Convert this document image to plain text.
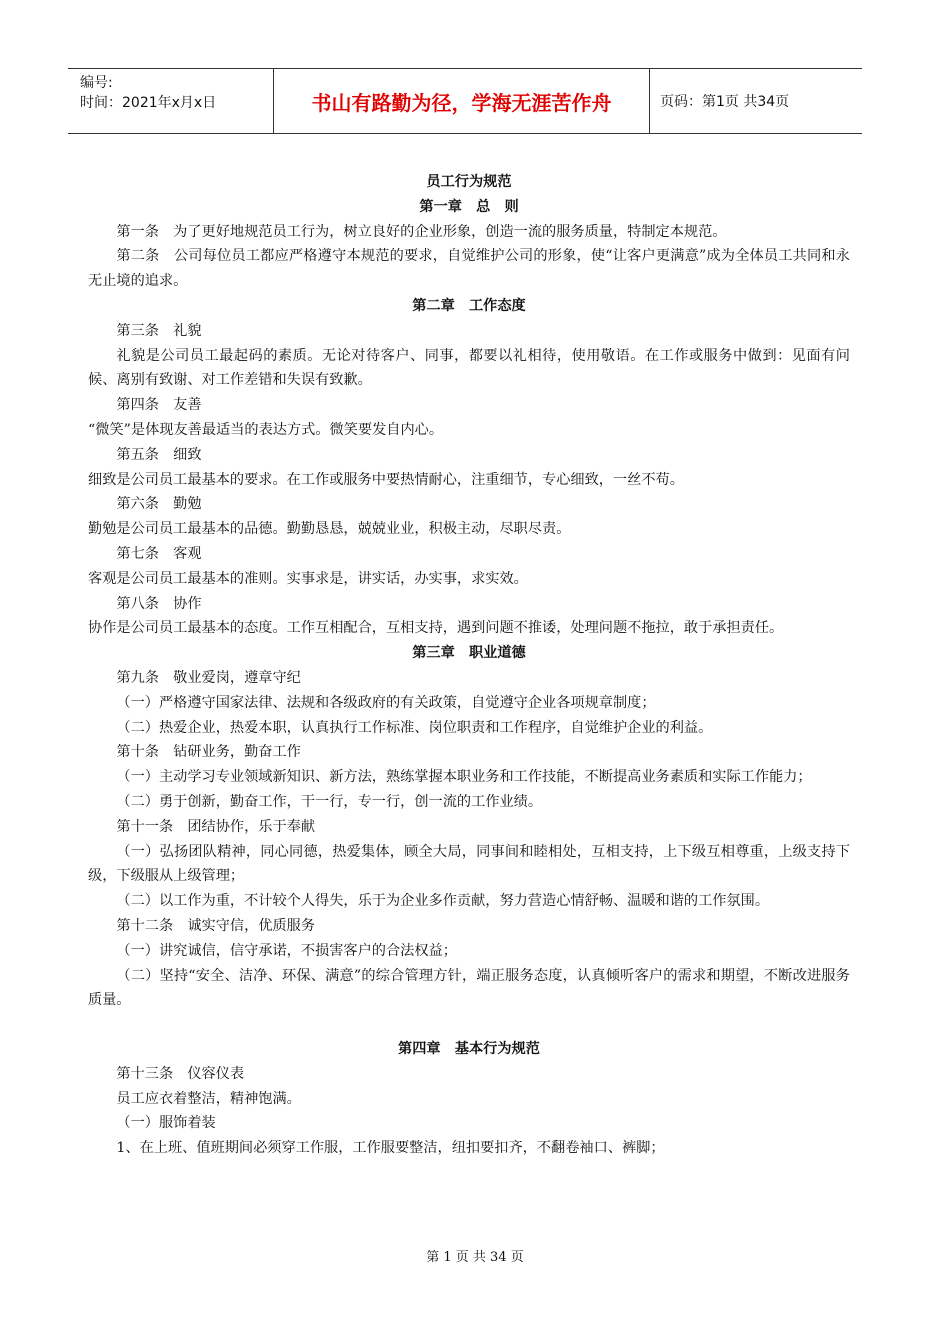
编号:
时间：2021年x月x日	书山有路勤为径，学海无涯苦作舟	页码：第1页 共34页
员工行为规范
第一章　总　则

第一条　为了更好地规范员工行为，树立良好的企业形象，创造一流的服务质量，特制定本规范。

第二条　公司每位员工都应严格遵守本规范的要求，自觉维护公司的形象，使“让客户更满意”成为全体员工共同和永无止境的追求。

第二章　工作态度

第三条　礼貌

礼貌是公司员工最起码的素质。无论对待客户、同事，都要以礼相待，使用敬语。在工作或服务中做到：见面有问候、离别有致谢、对工作差错和失误有致歉。

第四条　友善

“微笑”是体现友善最适当的表达方式。微笑要发自内心。

第五条　细致

细致是公司员工最基本的要求。在工作或服务中要热情耐心，注重细节，专心细致，一丝不苟。

第六条　勤勉

勤勉是公司员工最基本的品德。勤勤恳恳，兢兢业业，积极主动，尽职尽责。

第七条　客观

客观是公司员工最基本的准则。实事求是，讲实话，办实事，求实效。

第八条　协作

协作是公司员工最基本的态度。工作互相配合，互相支持，遇到问题不推诿，处理问题不拖拉，敢于承担责任。

第三章　职业道德

第九条　敬业爱岗，遵章守纪

（一）严格遵守国家法律、法规和各级政府的有关政策，自觉遵守企业各项规章制度；

（二）热爱企业，热爱本职，认真执行工作标准、岗位职责和工作程序，自觉维护企业的利益。

第十条　钻研业务，勤奋工作

（一）主动学习专业领域新知识、新方法，熟练掌握本职业务和工作技能，不断提高业务素质和实际工作能力；

（二）勇于创新，勤奋工作，干一行，专一行，创一流的工作业绩。

第十一条　团结协作，乐于奉献

（一）弘扬团队精神，同心同德，热爱集体，顾全大局，同事间和睦相处，互相支持，上下级互相尊重，上级支持下级，下级服从上级管理；

（二）以工作为重，不计较个人得失，乐于为企业多作贡献，努力营造心情舒畅、温暖和谐的工作氛围。

第十二条　诚实守信，优质服务

（一）讲究诚信，信守承诺，不损害客户的合法权益；

（二）坚持“安全、洁净、环保、满意”的综合管理方针，端正服务态度，认真倾听客户的需求和期望，不断改进服务质量。

第四章　基本行为规范

第十三条　仪容仪表

员工应衣着整洁，精神饱满。

（一）服饰着装

1、在上班、值班期间必须穿工作服，工作服要整洁，纽扣要扣齐，不翻卷袖口、裤脚；

第 1 页 共 34 页
